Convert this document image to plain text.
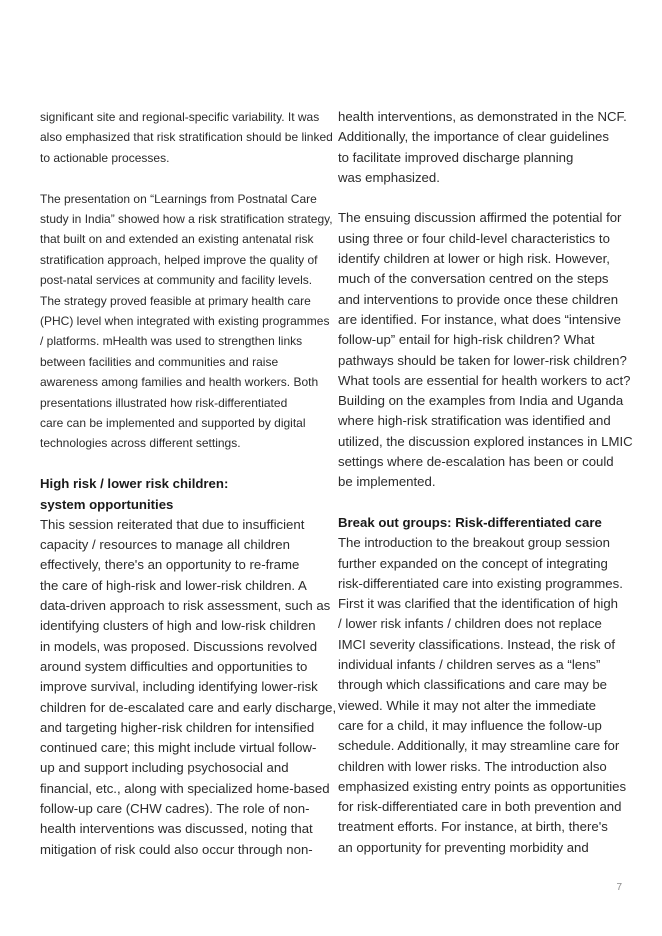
significant site and regional-specific variability. It was
also emphasized that risk stratification should be linked
to actionable processes.
The presentation on “Learnings from Postnatal Care
study in India” showed how a risk stratification strategy,
that built on and extended an existing antenatal risk
stratification approach, helped improve the quality of
post-natal services at community and facility levels.
The strategy proved feasible at primary health care
(PHC) level when integrated with existing programmes
/ platforms. mHealth was used to strengthen links
between facilities and communities and raise
awareness among families and health workers. Both
presentations illustrated how risk-differentiated
care can be implemented and supported by digital
technologies across different settings.
High risk / lower risk children:
system opportunities
This session reiterated that due to insufficient
capacity / resources to manage all children
effectively, there's an opportunity to re-frame
the care of high-risk and lower-risk children. A
data-driven approach to risk assessment, such as
identifying clusters of high and low-risk children
in models, was proposed. Discussions revolved
around system difficulties and opportunities to
improve survival, including identifying lower-risk
children for de-escalated care and early discharge,
and targeting higher-risk children for intensified
continued care; this might include virtual follow-
up and support including psychosocial and
financial, etc., along with specialized home-based
follow-up care (CHW cadres). The role of non-
health interventions was discussed, noting that
mitigation of risk could also occur through non-
health interventions, as demonstrated in the NCF.
Additionally, the importance of clear guidelines
to facilitate improved discharge planning
was emphasized.
The ensuing discussion affirmed the potential for
using three or four child-level characteristics to
identify children at lower or high risk. However,
much of the conversation centred on the steps
and interventions to provide once these children
are identified. For instance, what does “intensive
follow-up” entail for high-risk children? What
pathways should be taken for lower-risk children?
What tools are essential for health workers to act?
Building on the examples from India and Uganda
where high-risk stratification was identified and
utilized, the discussion explored instances in LMIC
settings where de-escalation has been or could
be implemented.
Break out groups: Risk-differentiated care
The introduction to the breakout group session
further expanded on the concept of integrating
risk-differentiated care into existing programmes.
First it was clarified that the identification of high
/ lower risk infants / children does not replace
IMCI severity classifications. Instead, the risk of
individual infants / children serves as a “lens”
through which classifications and care may be
viewed. While it may not alter the immediate
care for a child, it may influence the follow-up
schedule. Additionally, it may streamline care for
children with lower risks. The introduction also
emphasized existing entry points as opportunities
for risk-differentiated care in both prevention and
treatment efforts. For instance, at birth, there's
an opportunity for preventing morbidity and
7
